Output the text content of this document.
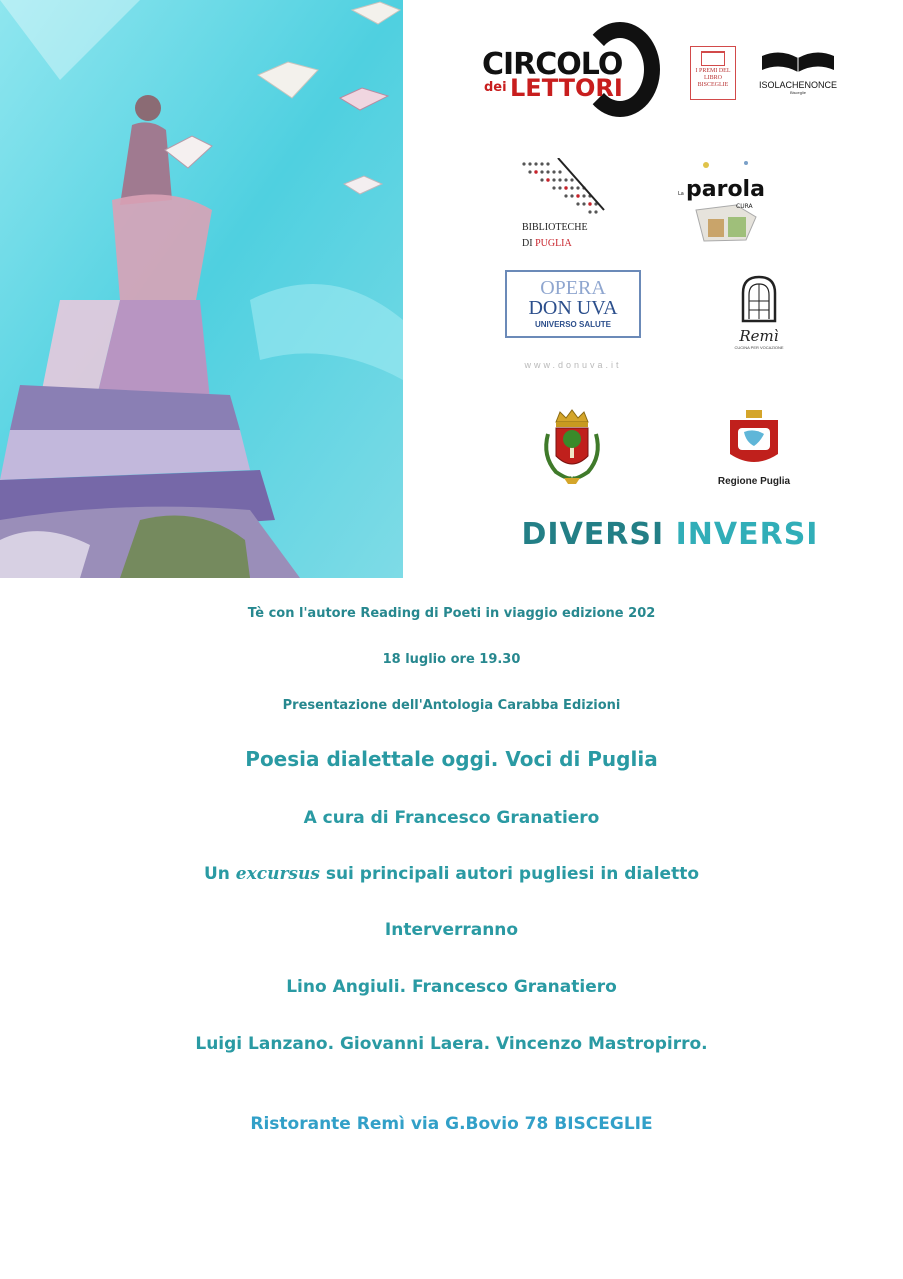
CIRCOLO
dei LETTORI
I PREMI DEL LIBRO BISCEGLIE	ISOLACHENONCE
Bisceglie
BIBLIOTECHE
DI PUGLIA
La parola
CURA
OPERA
DON UVA
UNIVERSO SALUTE
www.donuva.it
Remì
CUCINA PER VOCAZIONE
Regione Puglia
DIVERSI INVERSI
Tè con l'autore Reading di Poeti in viaggio edizione 202
18 luglio ore 19.30
Presentazione dell'Antologia Carabba Edizioni
Poesia dialettale oggi. Voci di Puglia
A cura di Francesco Granatiero
Un excursus sui principali autori pugliesi in dialetto
Interverranno
Lino Angiuli. Francesco Granatiero
Luigi Lanzano. Giovanni Laera. Vincenzo Mastropirro.
Ristorante Remì via G.Bovio 78 BISCEGLIE
